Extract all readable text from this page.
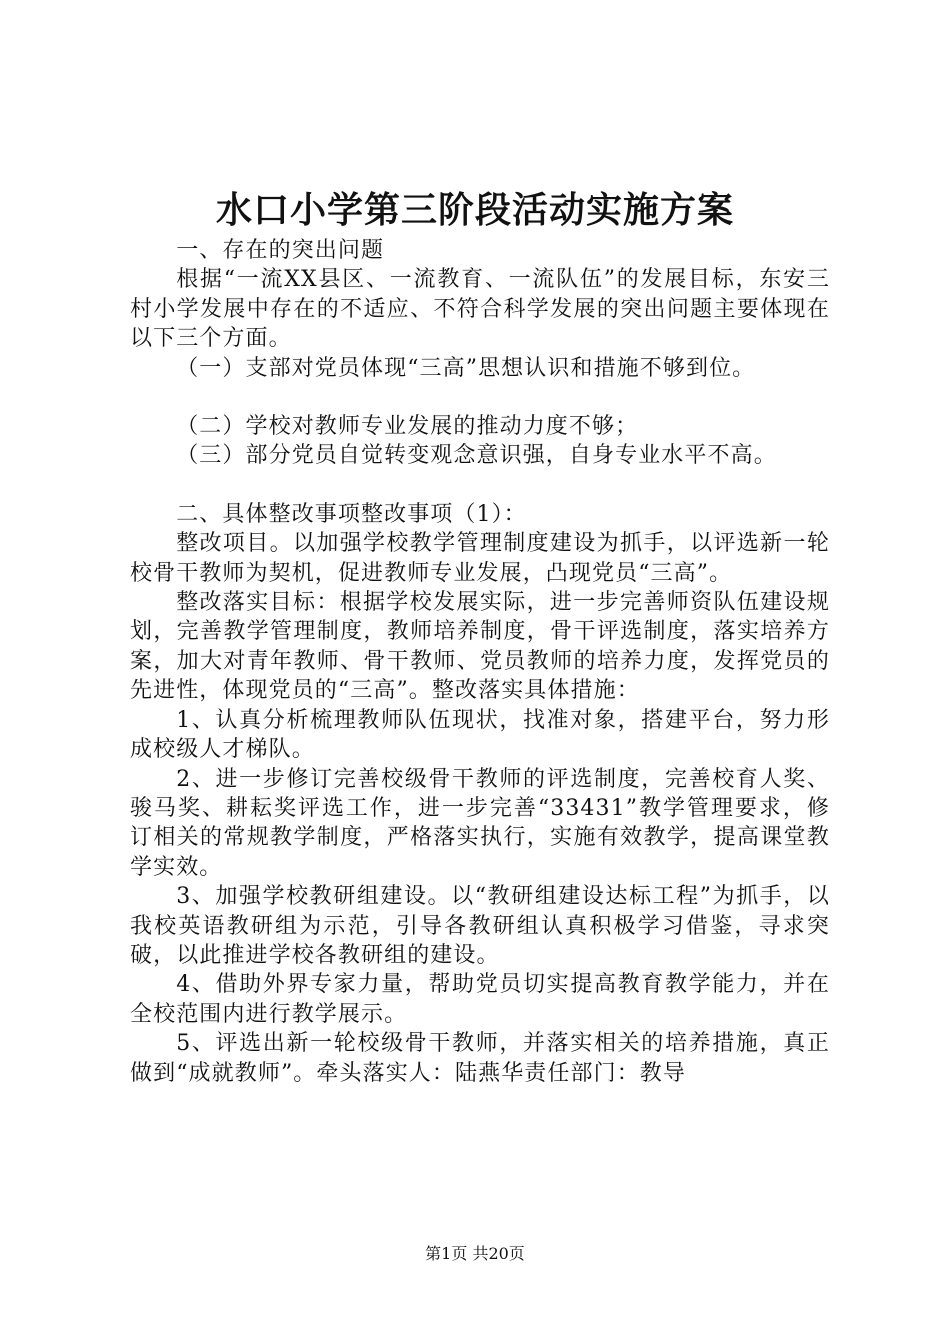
水口小学第三阶段活动实施方案

一、存在的突出问题

根据“一流XX县区、一流教育、一流队伍”的发展目标，东安三村小学发展中存在的不适应、不符合科学发展的突出问题主要体现在以下三个方面。

（一）支部对党员体现“三高”思想认识和措施不够到位。

（二）学校对教师专业发展的推动力度不够；

（三）部分党员自觉转变观念意识强，自身专业水平不高。

二、具体整改事项整改事项（1）：

整改项目。以加强学校教学管理制度建设为抓手，以评选新一轮校骨干教师为契机，促进教师专业发展，凸现党员“三高”。

整改落实目标：根据学校发展实际，进一步完善师资队伍建设规划，完善教学管理制度，教师培养制度，骨干评选制度，落实培养方案，加大对青年教师、骨干教师、党员教师的培养力度，发挥党员的先进性，体现党员的“三高”。整改落实具体措施：

1、认真分析梳理教师队伍现状，找准对象，搭建平台，努力形成校级人才梯队。

2、进一步修订完善校级骨干教师的评选制度，完善校育人奖、骏马奖、耕耘奖评选工作，进一步完善“33431”教学管理要求，修订相关的常规教学制度，严格落实执行，实施有效教学，提高课堂教学实效。

3、加强学校教研组建设。以“教研组建设达标工程”为抓手，以我校英语教研组为示范，引导各教研组认真积极学习借鉴，寻求突破，以此推进学校各教研组的建设。

4、借助外界专家力量，帮助党员切实提高教育教学能力，并在全校范围内进行教学展示。

5、评选出新一轮校级骨干教师，并落实相关的培养措施，真正做到“成就教师”。牵头落实人：陆燕华责任部门：教导

第1页 共20页
